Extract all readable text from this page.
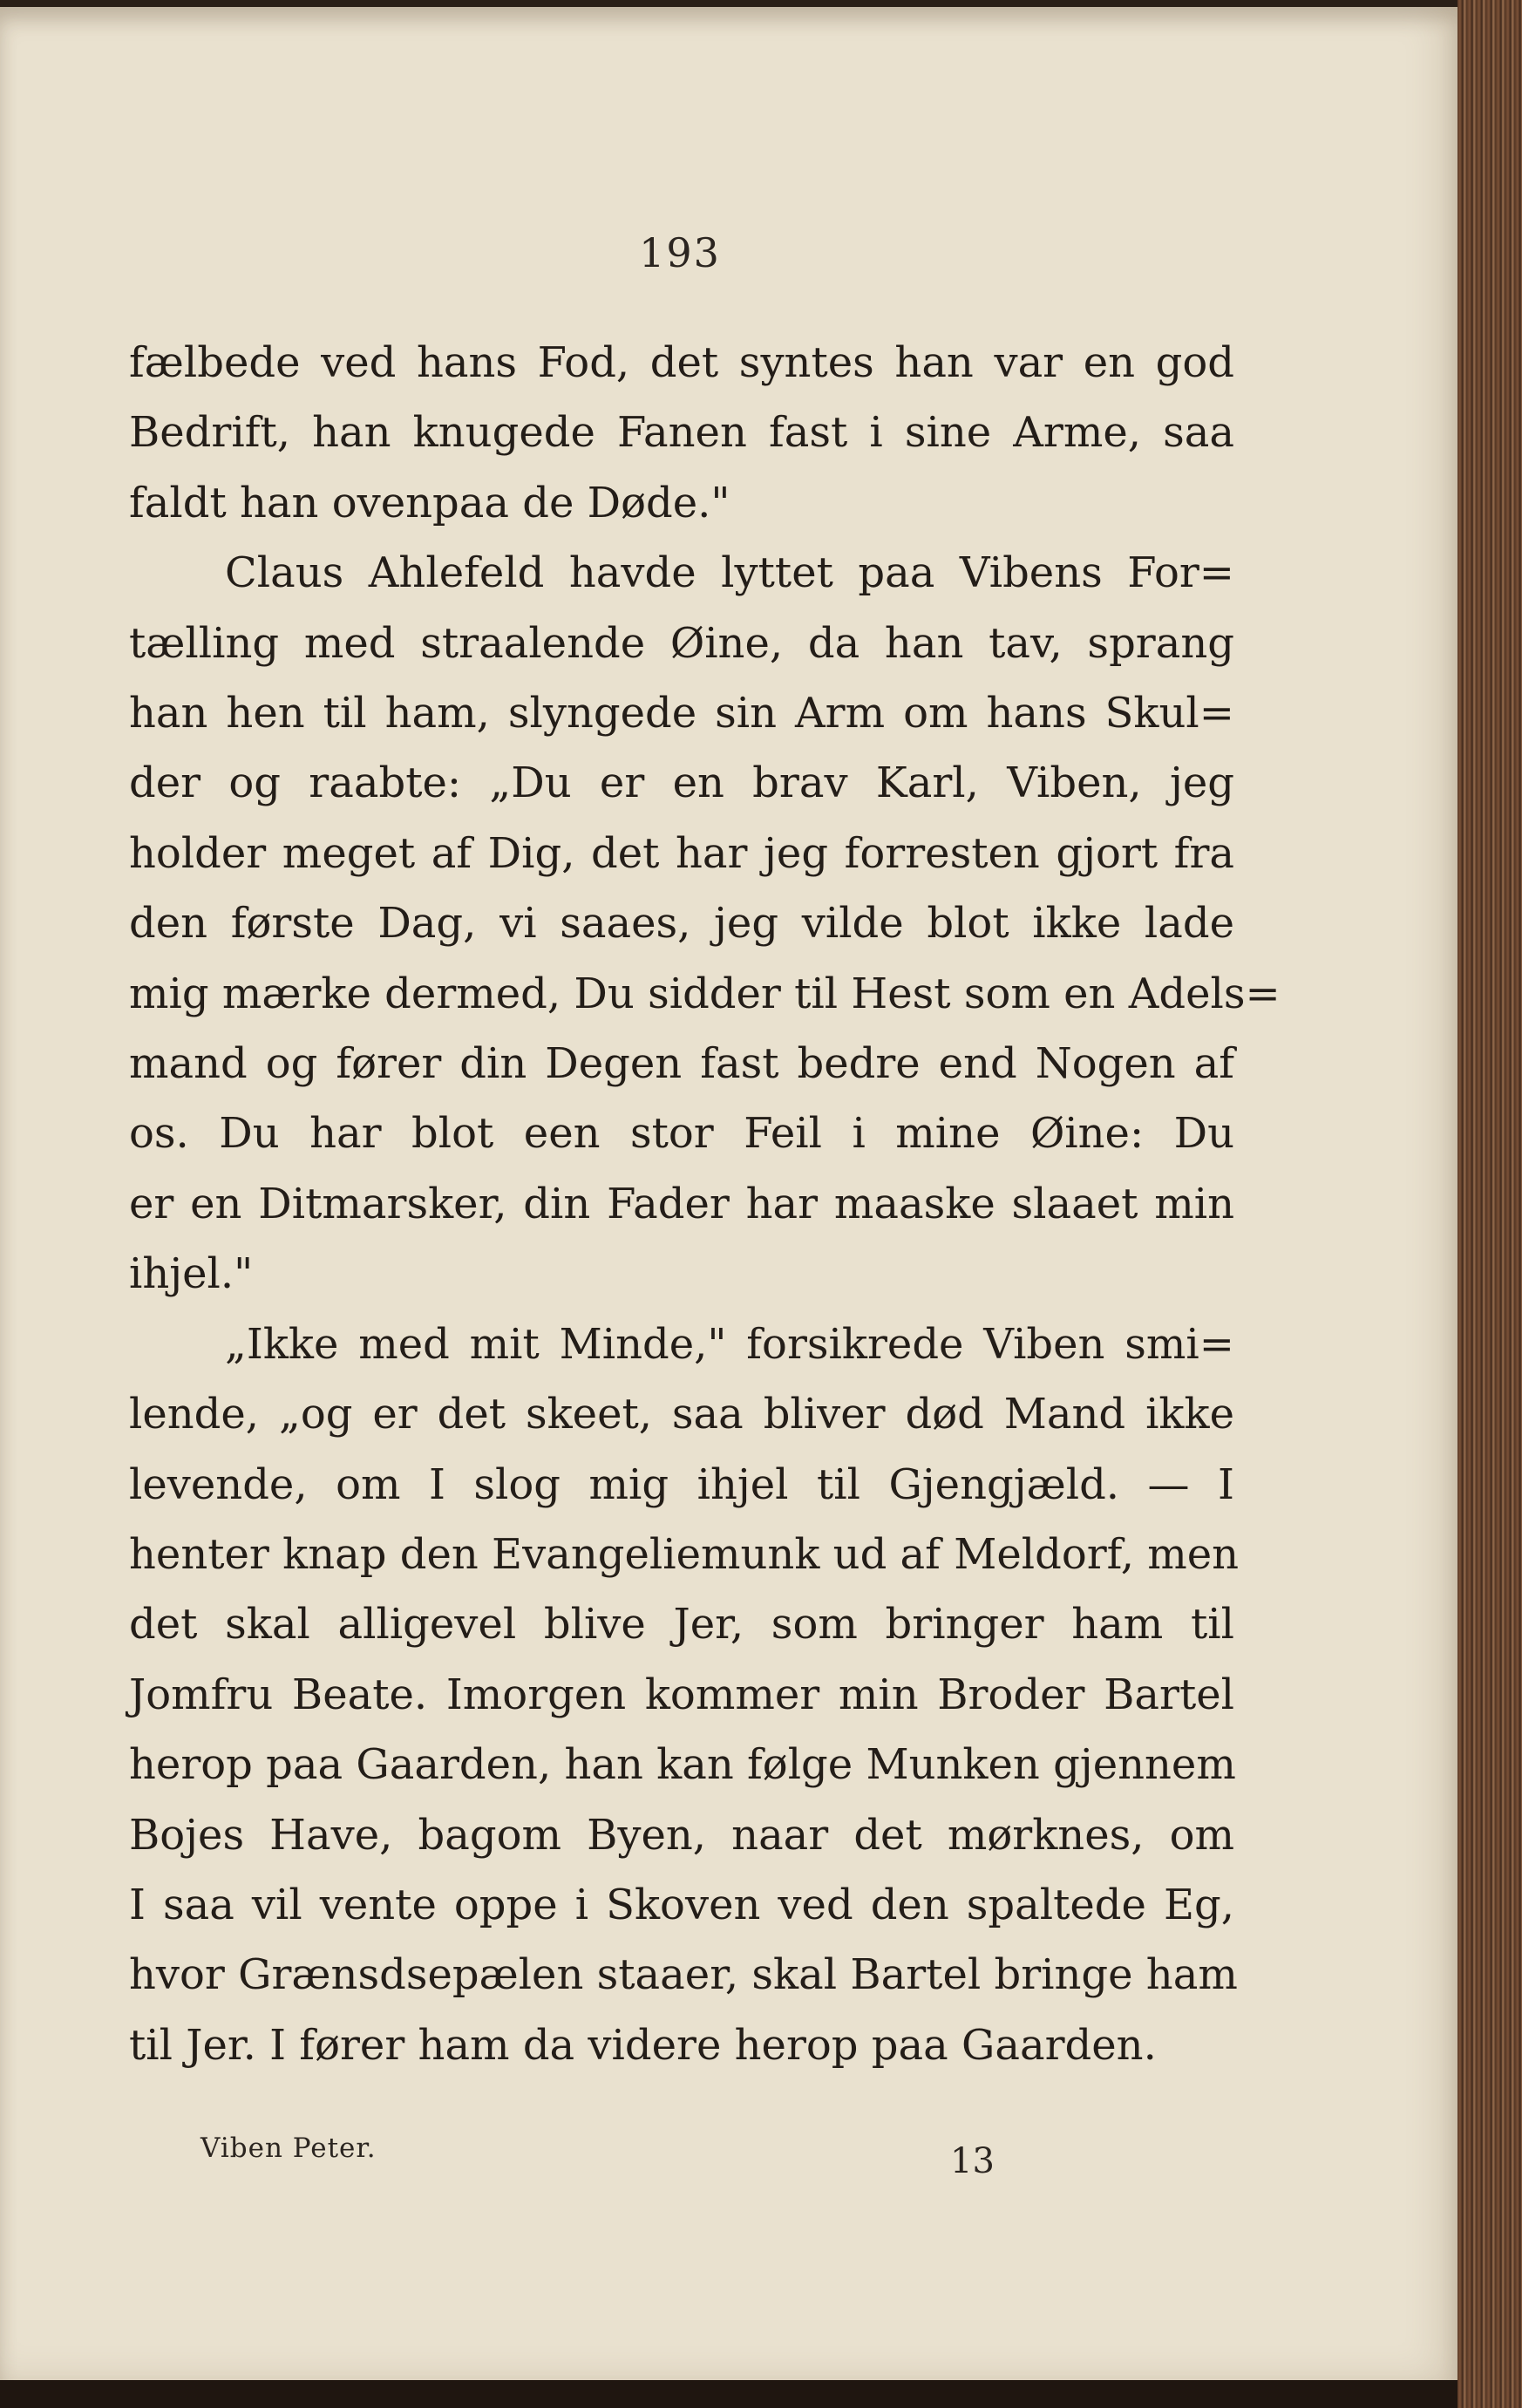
193
fælbede ved hans Fod, det syntes han var en god
Bedrift, han knugede Fanen fast i sine Arme, saa
faldt han ovenpaa de Døde."
Claus Ahlefeld havde lyttet paa Vibens For=
tælling med straalende Øine, da han tav, sprang
han hen til ham, slyngede sin Arm om hans Skul=
der og raabte: „Du er en brav Karl, Viben, jeg
holder meget af Dig, det har jeg forresten gjort fra
den første Dag, vi saaes, jeg vilde blot ikke lade
mig mærke dermed, Du sidder til Hest som en Adels=
mand og fører din Degen fast bedre end Nogen af
os. Du har blot een stor Feil i mine Øine: Du
er en Ditmarsker, din Fader har maaske slaaet min
ihjel."
„Ikke med mit Minde," forsikrede Viben smi=
lende, „og er det skeet, saa bliver død Mand ikke
levende, om I slog mig ihjel til Gjengjæld. — I
henter knap den Evangeliemunk ud af Meldorf, men
det skal alligevel blive Jer, som bringer ham til
Jomfru Beate. Imorgen kommer min Broder Bartel
herop paa Gaarden, han kan følge Munken gjennem
Bojes Have, bagom Byen, naar det mørknes, om
I saa vil vente oppe i Skoven ved den spaltede Eg,
hvor Grænsdsepælen staaer, skal Bartel bringe ham
til Jer. I fører ham da videre herop paa Gaarden.
Viben Peter.	13
